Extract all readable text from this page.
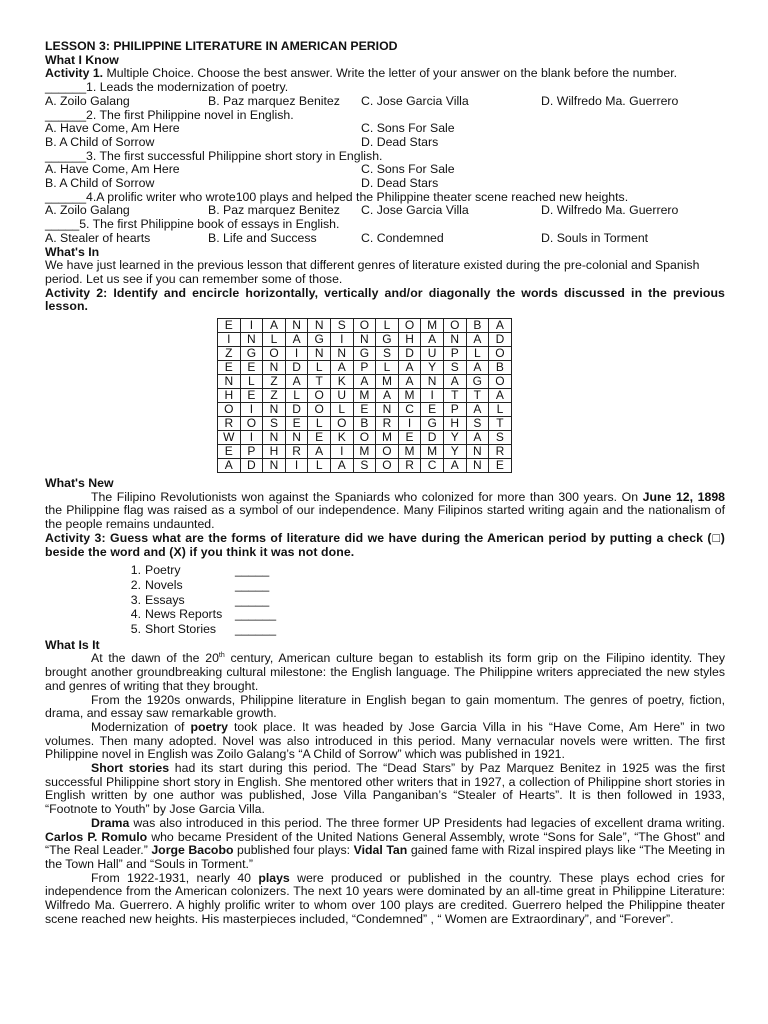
LESSON 3: PHILIPPINE LITERATURE IN AMERICAN PERIOD
What I Know
Activity 1. Multiple Choice. Choose the best answer. Write the letter of your answer on the blank before the number.
______1. Leads the modernization of poetry.
A. Zoilo Galang	B. Paz marquez Benitez	C. Jose Garcia Villa	D. Wilfredo Ma. Guerrero
______2. The first Philippine novel in English.
A. Have Come, Am Here	C. Sons For Sale
B. A Child of Sorrow	D. Dead Stars
______3. The first successful Philippine short story in English.
A. Have Come, Am Here	C. Sons For Sale
B. A Child of Sorrow	D. Dead Stars
______4.A prolific writer who wrote100 plays and helped the Philippine theater scene reached new heights.
A. Zoilo Galang	B. Paz marquez Benitez	C. Jose Garcia Villa	D. Wilfredo Ma. Guerrero
_____5. The first Philippine book of essays in English.
A. Stealer of hearts	B. Life and Success	C. Condemned	D. Souls in Torment
What's In
We have just learned in the previous lesson that different genres of literature existed during the pre-colonial and Spanish period. Let us see if you can remember some of those.
Activity 2: Identify and encircle horizontally, vertically and/or diagonally the words discussed in the previous lesson.
E	I	A	N	N	S	O	L	O	M	O	B	A
I	N	L	A	G	I	N	G	H	A	N	A	D
Z	G	O	I	N	N	G	S	D	U	P	L	O
E	E	N	D	L	A	P	L	A	Y	S	A	B
N	L	Z	A	T	K	A	M	A	N	A	G	O
H	E	Z	L	O	U	M	A	M	I	T	T	A
O	I	N	D	O	L	E	N	C	E	P	A	L
R	O	S	E	L	O	B	R	I	G	H	S	T
W	I	N	N	E	K	O	M	E	D	Y	A	S
E	P	H	R	A	I	M	O	M	M	Y	N	R
A	D	N	I	L	A	S	O	R	C	A	N	E
What's New
The Filipino Revolutionists won against the Spaniards who colonized for more than 300 years. On June 12, 1898 the Philippine flag was raised as a symbol of our independence. Many Filipinos started writing again and the nationalism of the people remains undaunted.
Activity 3: Guess what are the forms of literature did we have during the American period by putting a check (□) beside the word and (X) if you think it was not done.
1. Poetry	_____
2. Novels	_____
3. Essays	_____
4. News Reports	______
5. Short Stories	______
What Is It
At the dawn of the 20th century, American culture began to establish its form grip on the Filipino identity. They brought another groundbreaking cultural milestone: the English language. The Philippine writers appreciated the new styles and genres of writing that they brought.
From the 1920s onwards, Philippine literature in English began to gain momentum. The genres of poetry, fiction, drama, and essay saw remarkable growth.
Modernization of poetry took place. It was headed by Jose Garcia Villa in his “Have Come, Am Here” in two volumes. Then many adopted. Novel was also introduced in this period. Many vernacular novels were written. The first Philippine novel in English was Zoilo Galang’s “A Child of Sorrow” which was published in 1921.
Short stories had its start during this period. The “Dead Stars” by Paz Marquez Benitez in 1925 was the first successful Philippine short story in English. She mentored other writers that in 1927, a collection of Philippine short stories in English written by one author was published, Jose Villa Panganiban’s “Stealer of Hearts”. It is then followed in 1933, “Footnote to Youth” by Jose Garcia Villa.
Drama was also introduced in this period. The three former UP Presidents had legacies of excellent drama writing. Carlos P. Romulo who became President of the United Nations General Assembly, wrote “Sons for Sale”, “The Ghost” and “The Real Leader.” Jorge Bacobo published four plays: Vidal Tan gained fame with Rizal inspired plays like “The Meeting in the Town Hall” and “Souls in Torment.”
From 1922-1931, nearly 40 plays were produced or published in the country. These plays echod cries for independence from the American colonizers. The next 10 years were dominated by an all-time great in Philippine Literature: Wilfredo Ma. Guerrero. A highly prolific writer to whom over 100 plays are credited. Guerrero helped the Philippine theater scene reached new heights. His masterpieces included, “Condemned” , “ Women are Extraordinary”, and “Forever”.
